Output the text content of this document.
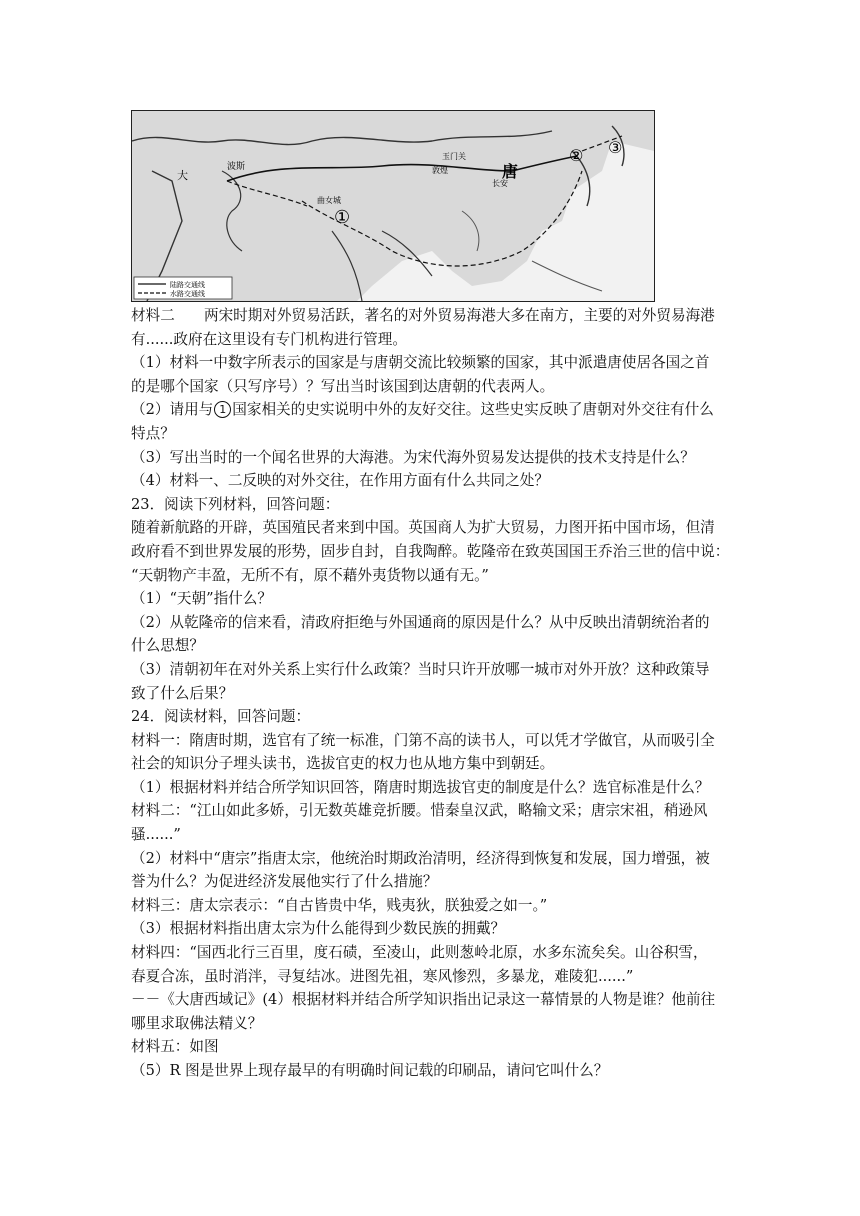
唐
长安
敦煌
玉门关
曲女城
波斯
大
①
② ③
陆路交通线
水路交通线

材料二　　两宋时期对外贸易活跃，著名的对外贸易海港大多在南方，主要的对外贸易海港

有......政府在这里设有专门机构进行管理。

（1）材料一中数字所表示的国家是与唐朝交流比较频繁的国家，其中派遣唐使居各国之首

的是哪个国家（只写序号）？写出当时该国到达唐朝的代表两人。

（2）请用与 1 国家相关的史实说明中外的友好交往。这些史实反映了唐朝对外交往有什么

特点？

（3）写出当时的一个闻名世界的大海港。为宋代海外贸易发达提供的技术支持是什么？

（4）材料一、二反映的对外交往，在作用方面有什么共同之处？

23．阅读下列材料，回答问题：

随着新航路的开辟，英国殖民者来到中国。英国商人为扩大贸易，力图开拓中国市场，但清

政府看不到世界发展的形势，固步自封，自我陶醉。乾隆帝在致英国国王乔治三世的信中说：

“天朝物产丰盈，无所不有，原不藉外夷货物以通有无。”

（1）“天朝”指什么？

（2）从乾隆帝的信来看，清政府拒绝与外国通商的原因是什么？从中反映出清朝统治者的

什么思想？

（3）清朝初年在对外关系上实行什么政策？当时只许开放哪一城市对外开放？这种政策导

致了什么后果？

24．阅读材料，回答问题：

材料一：隋唐时期，选官有了统一标准，门第不高的读书人，可以凭才学做官，从而吸引全

社会的知识分子埋头读书，选拔官吏的权力也从地方集中到朝廷。

（1）根据材料并结合所学知识回答，隋唐时期选拔官吏的制度是什么？选官标准是什么？

材料二：“江山如此多娇，引无数英雄竞折腰。惜秦皇汉武，略输文采；唐宗宋祖，稍逊风

骚......”

（2）材料中“唐宗”指唐太宗，他统治时期政治清明，经济得到恢复和发展，国力增强，被

誉为什么？为促进经济发展他实行了什么措施？

材料三：唐太宗表示：“自古皆贵中华，贱夷狄，朕独爱之如一。”

（3）根据材料指出唐太宗为什么能得到少数民族的拥戴？

材料四：“国西北行三百里，度石碛，至凌山，此则葱岭北原，水多东流矣矣。山谷积雪，

春夏合冻，虽时消泮，寻复结冰。进图先祖，寒风惨烈，多暴龙，难陵犯......”

－－《大唐西域记》(4）根据材料并结合所学知识指出记录这一幕情景的人物是谁？他前往

哪里求取佛法精义？

材料五：如图

（5）R 图是世界上现存最早的有明确时间记载的印刷品，请问它叫什么？
